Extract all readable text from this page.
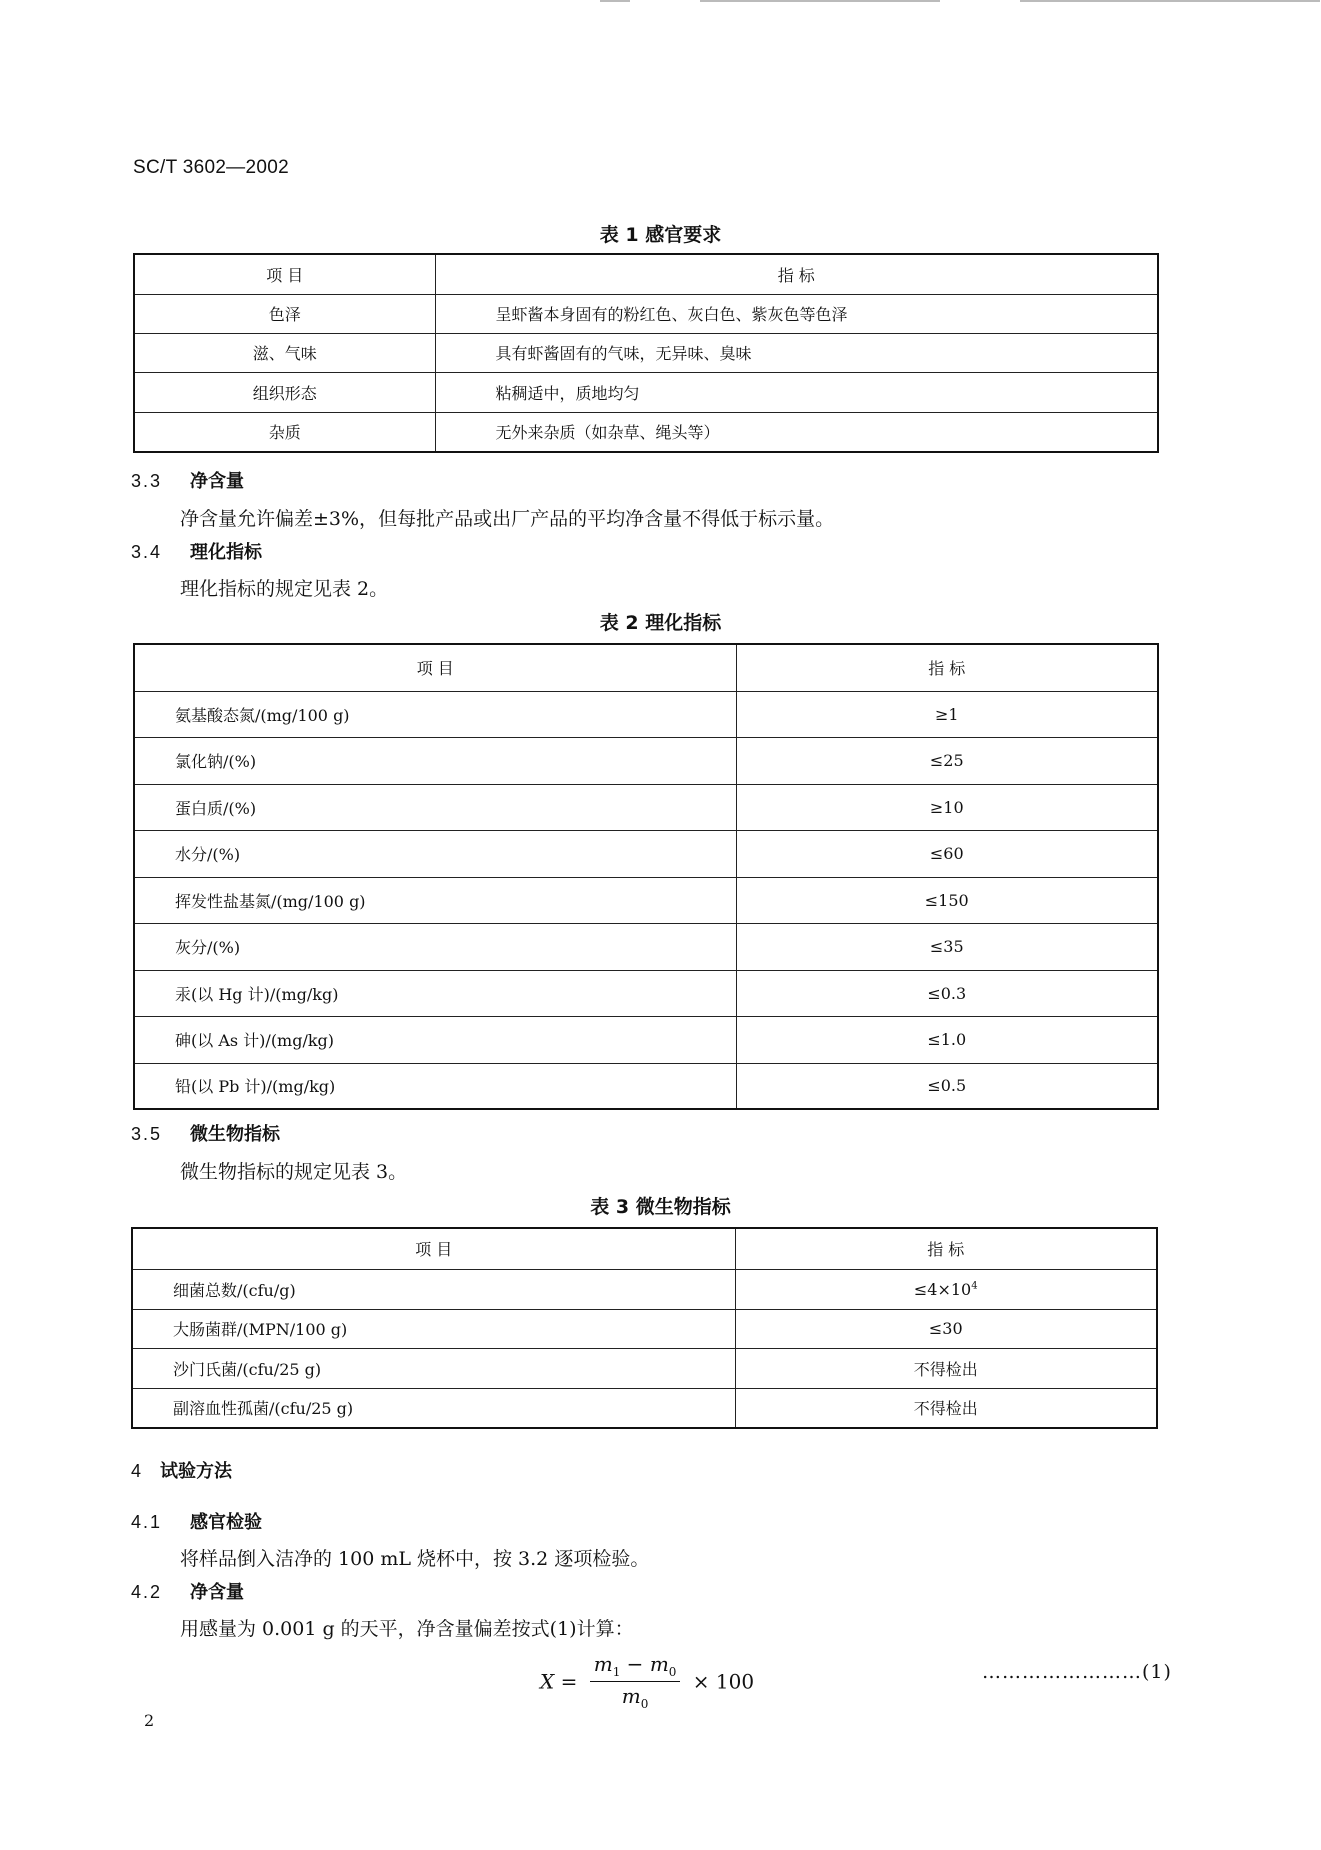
SC/T 3602—2002
表 1 感官要求
项 目	指 标
色泽	呈虾酱本身固有的粉红色、灰白色、紫灰色等色泽
滋、气味	具有虾酱固有的气味，无异味、臭味
组织形态	粘稠适中，质地均匀
杂质	无外来杂质（如杂草、绳头等）
3.3 净含量
净含量允许偏差±3%，但每批产品或出厂产品的平均净含量不得低于标示量。
3.4 理化指标
理化指标的规定见表 2。
表 2 理化指标
项 目	指 标
氨基酸态氮/(mg/100 g)	≥1
氯化钠/(%)	≤25
蛋白质/(%)	≥10
水分/(%)	≤60
挥发性盐基氮/(mg/100 g)	≤150
灰分/(%)	≤35
汞(以 Hg 计)/(mg/kg)	≤0.3
砷(以 As 计)/(mg/kg)	≤1.0
铅(以 Pb 计)/(mg/kg)	≤0.5
3.5 微生物指标
微生物指标的规定见表 3。
表 3 微生物指标
项 目	指 标
细菌总数/(cfu/g)	$\le 4\times 10^4$
大肠菌群/(MPN/100 g)	≤30
沙门氏菌/(cfu/25 g)	不得检出
副溶血性孤菌/(cfu/25 g)	不得检出
4 试验方法
4.1 感官检验
将样品倒入洁净的 100 mL 烧杯中，按 3.2 逐项检验。
4.2 净含量
用感量为 0.001 g 的天平，净含量偏差按式(1)计算：
$X = \frac{m_1 - m_0}{m_0} \times 100$	……………………(1)
2
